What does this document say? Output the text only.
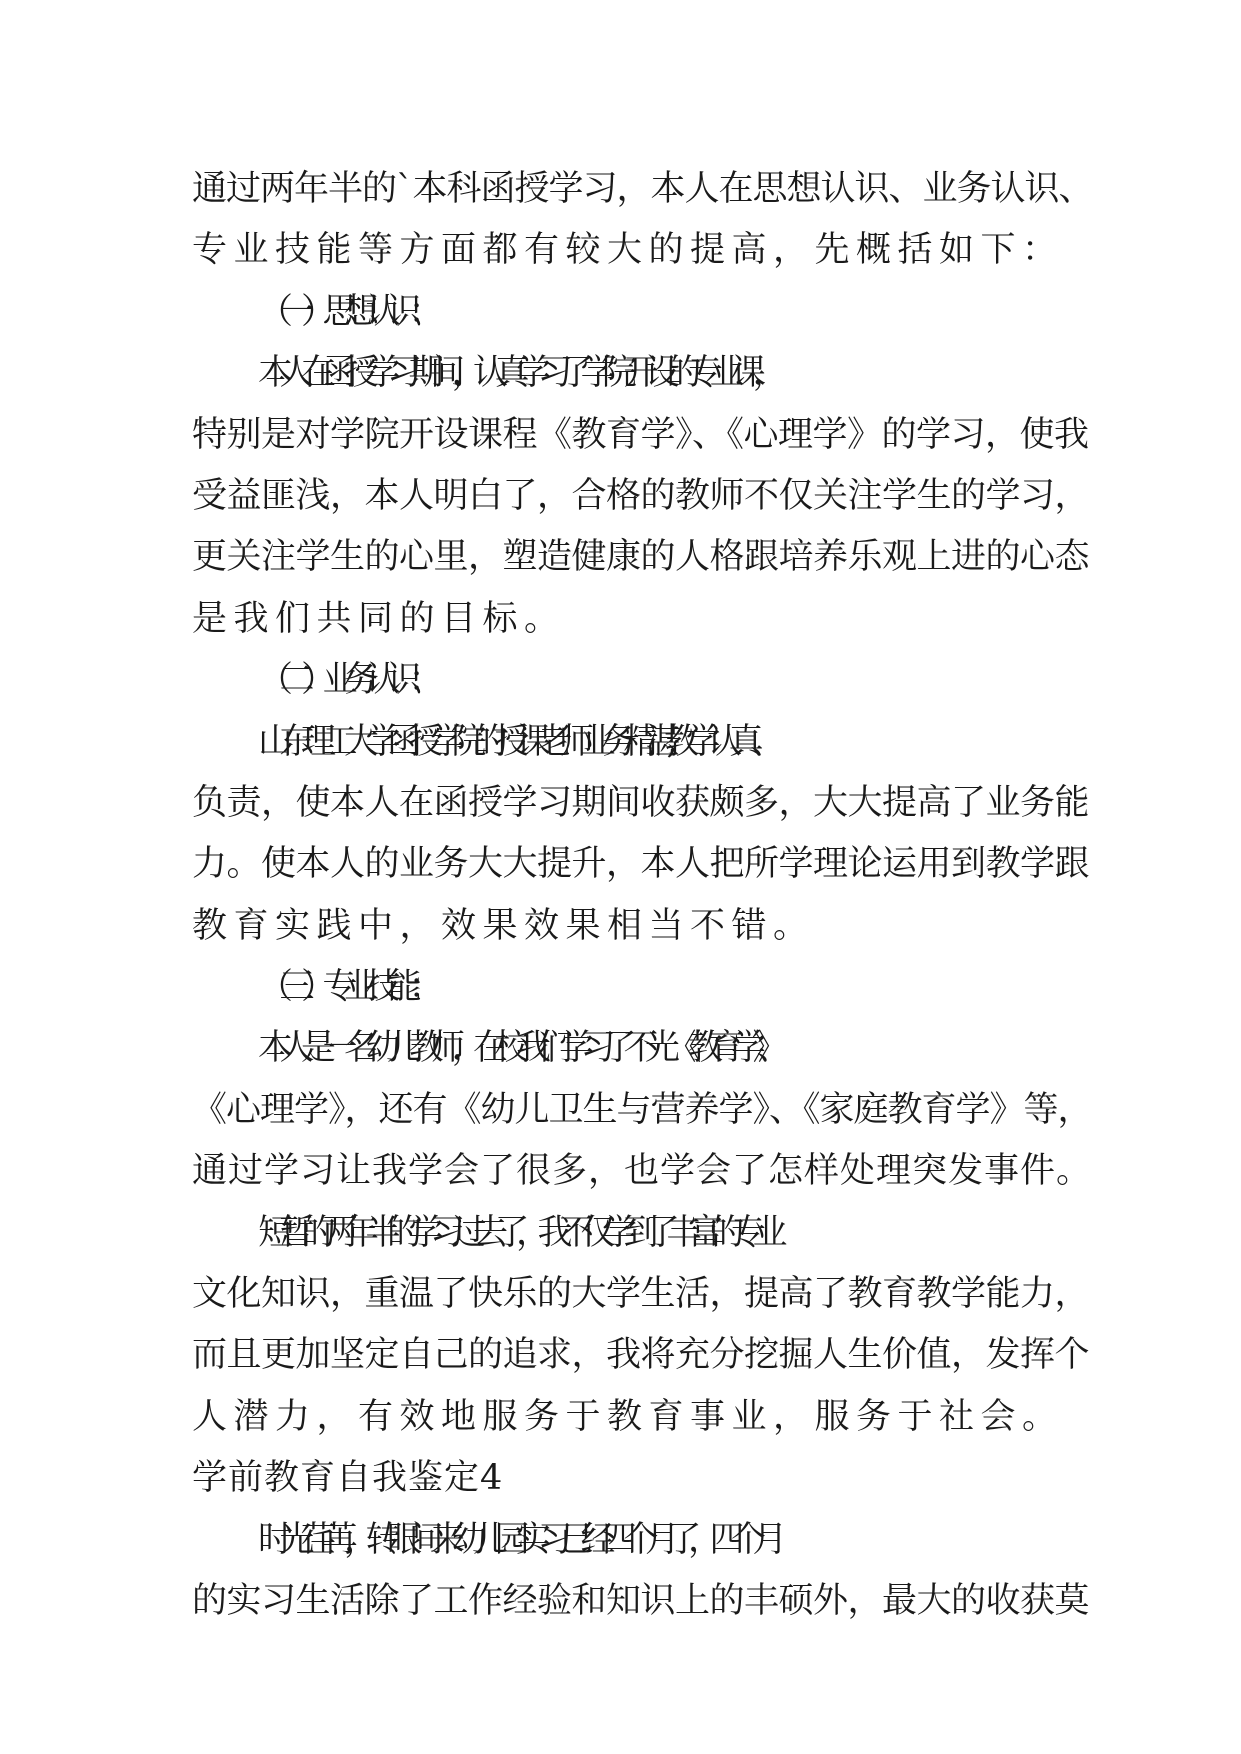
通过两年半的`本科函授学习，本人在思想认识、业务认识、
专业技能等方面都有较大的提高，先概括如下：
（一）思想认识：
本人在函授学习期间，认真学习了学院开设的专业课，
特别是对学院开设课程《教育学》、《心理学》的学习，使我
受益匪浅，本人明白了，合格的教师不仅关注学生的学习，
更关注学生的心里，塑造健康的人格跟培养乐观上进的心态
是我们共同的目标。
（二）业务认识：
山东理工大学函授学院的授课老师业务精湛,教学认真、
负责，使本人在函授学习期间收获颇多，大大提高了业务能
力。使本人的业务大大提升，本人把所学理论运用到教学跟
教育实践中，效果效果相当不错。
（三）专业技能：
本人是一名幼儿教师，在校我们学习了不光《教育学》、
《心理学》，还有《幼儿卫生与营养学》、《家庭教育学》等，
通过学习让我学会了很多，也学会了怎样处理突发事件。
短暂的两年半的学习过去了，我不仅学到了丰富的专业
文化知识，重温了快乐的大学生活，提高了教育教学能力，
而且更加坚定自己的追求，我将充分挖掘人生价值，发挥个
人潜力，有效地服务于教育事业，服务于社会。
学前教育自我鉴定4
时光荏苒，转眼间来幼儿园实习已经四个月了，四个月
的实习生活除了工作经验和知识上的丰硕外，最大的收获莫
